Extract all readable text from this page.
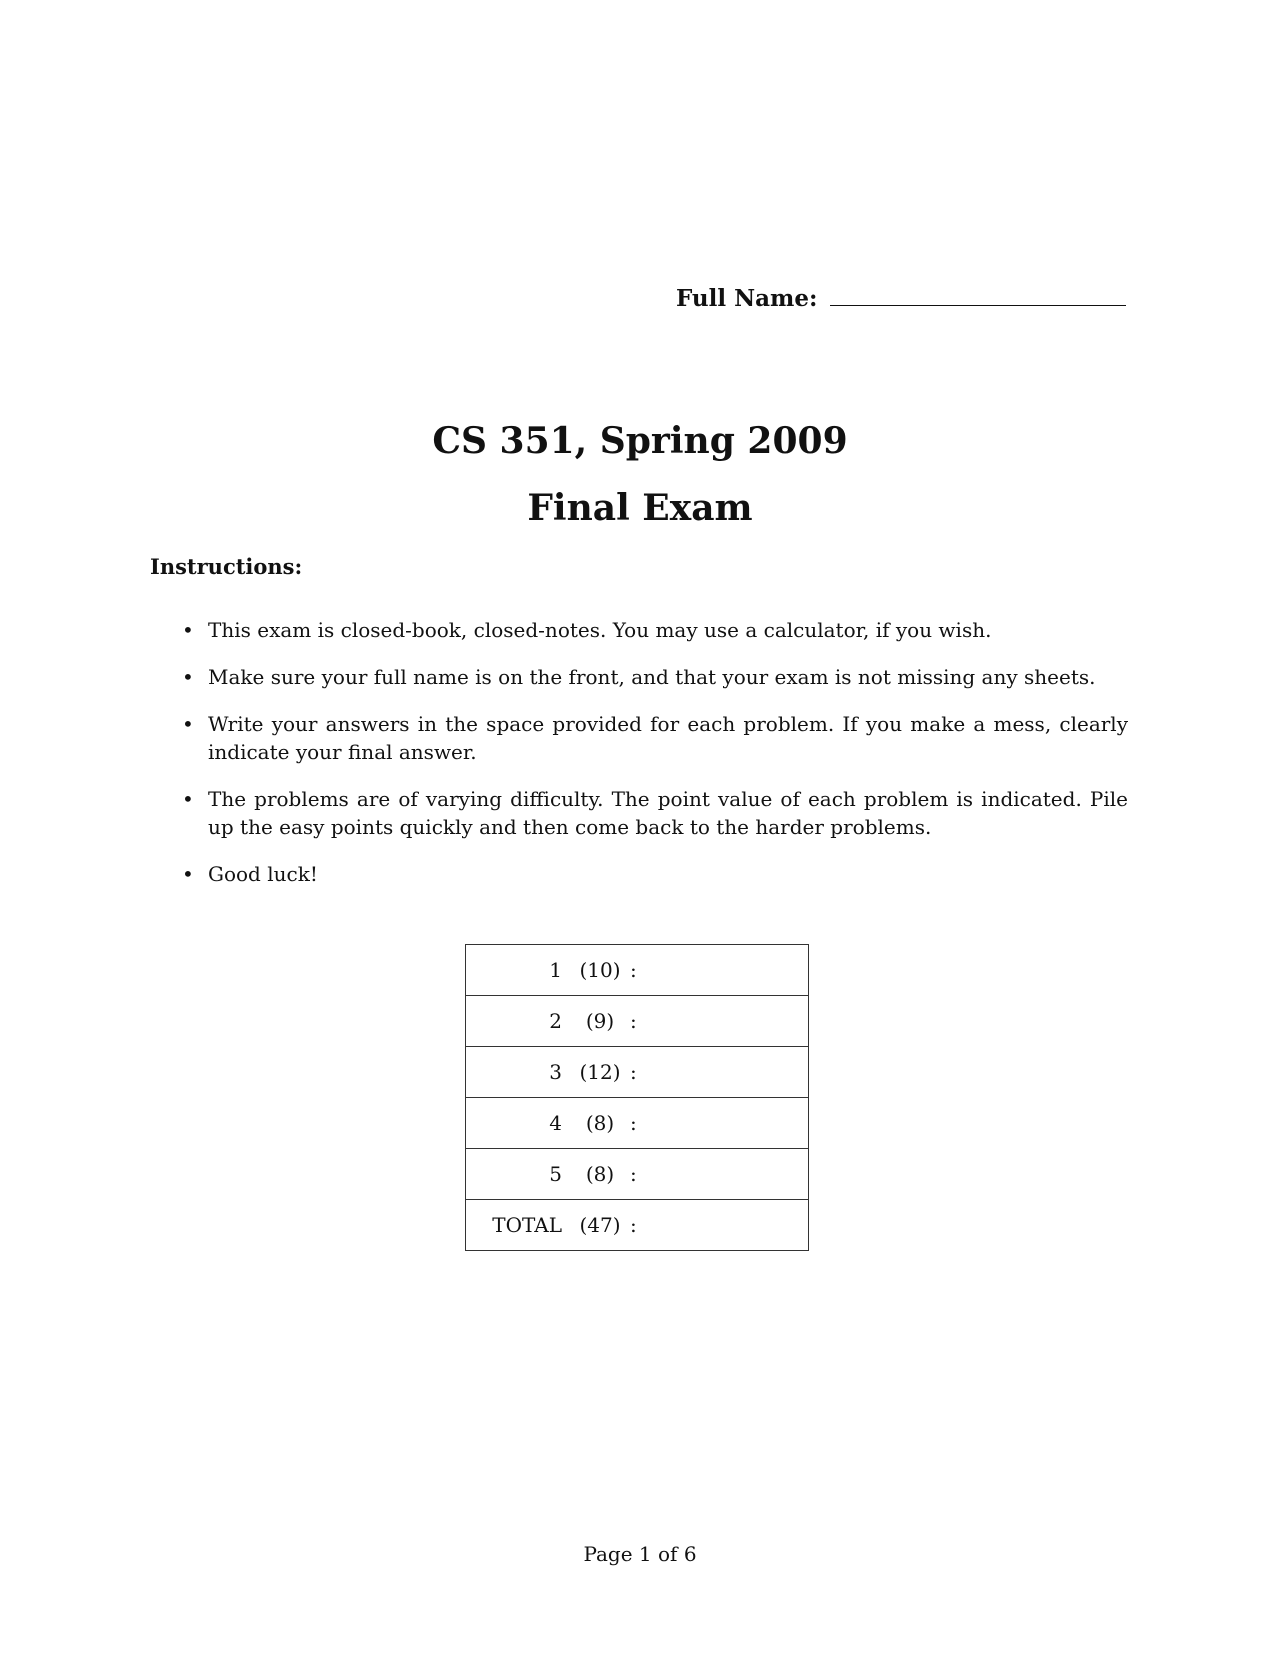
Full Name:
CS 351, Spring 2009
Final Exam
Instructions:
• This exam is closed-book, closed-notes. You may use a calculator, if you wish.
• Make sure your full name is on the front, and that your exam is not missing any sheets.
• Write your answers in the space provided for each problem. If you make a mess, clearly indicate your final answer.
• The problems are of varying difficulty. The point value of each problem is indicated. Pile up the easy points quickly and then come back to the harder problems.
• Good luck!
1	(10)	:	
2	(9)	:	
3	(12)	:	
4	(8)	:	
5	(8)	:	
TOTAL	(47)	:	
Page 1 of 6
